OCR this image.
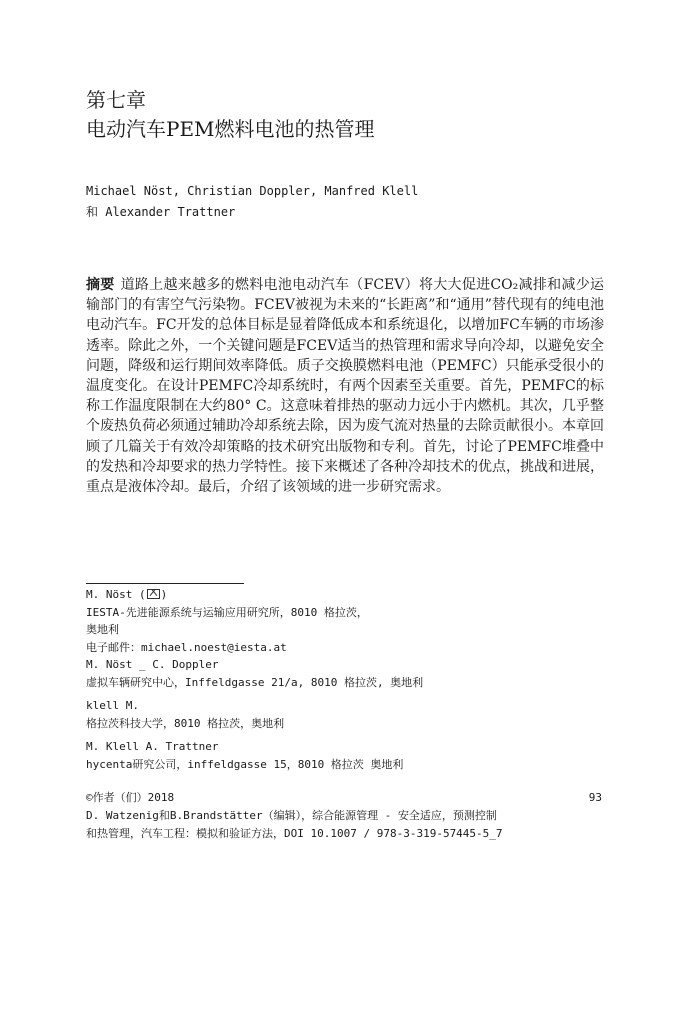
第七章
电动汽车PEM燃料电池的热管理
Michael Nöst, Christian Doppler, Manfred Klell
和 Alexander Trattner
摘要 道路上越来越多的燃料电池电动汽车（FCEV）将大大促进CO₂减排和减少运输部门的有害空气污染物。FCEV被视为未来的“长距离”和“通用”替代现有的纯电池电动汽车。FC开发的总体目标是显着降低成本和系统退化，以增加FC车辆的市场渗透率。除此之外，一个关键问题是FCEV适当的热管理和需求导向冷却，以避免安全问题，降级和运行期间效率降低。质子交换膜燃料电池（PEMFC）只能承受很小的温度变化。在设计PEMFC冷却系统时，有两个因素至关重要。首先，PEMFC的标称工作温度限制在大约80° C。这意味着排热的驱动力远小于内燃机。其次，几乎整个废热负荷必须通过辅助冷却系统去除，因为废气流对热量的去除贡献很小。本章回顾了几篇关于有效冷却策略的技术研究出版物和专利。首先，讨论了PEMFC堆叠中的发热和冷却要求的热力学特性。接下来概述了各种冷却技术的优点，挑战和进展，重点是液体冷却。最后，介绍了该领域的进一步研究需求。
M. Nöst ( )
IESTA-先进能源系统与运输应用研究所，8010 格拉茨，
奥地利
电子邮件：michael.noest@iesta.at
M. Nöst _ C. Doppler
虚拟车辆研究中心，Inffeldgasse 21/a, 8010 格拉茨, 奥地利
klell M.
格拉茨科技大学，8010 格拉茨，奥地利
M. Klell A. Trattner
hycenta研究公司，inffeldgasse 15，8010 格拉茨 奥地利
©作者（们）2018
D. Watzenig和B.Brandstätter（编辑），综合能源管理 - 安全适应，预测控制
和热管理，汽车工程：模拟和验证方法，DOI 10.1007 / 978-3-319-57445-5_7
93
